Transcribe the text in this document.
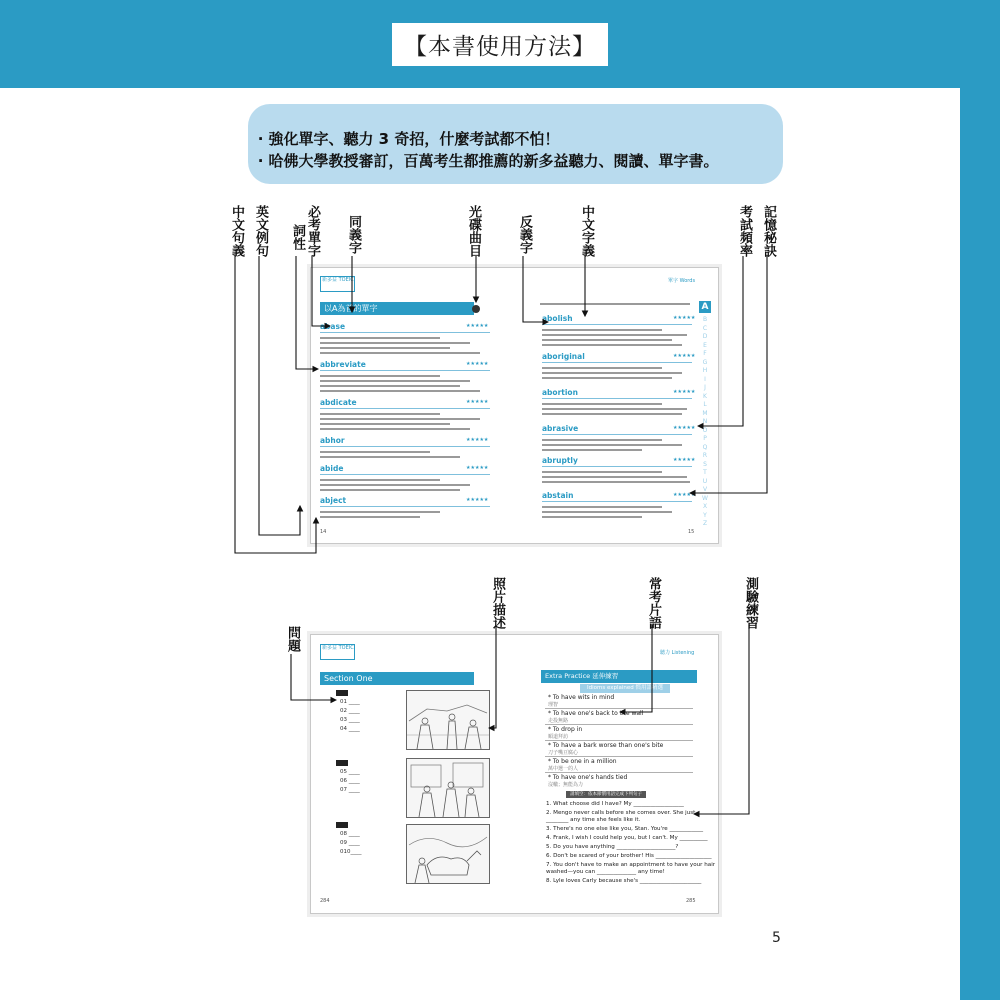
【本書使用方法】
‧ 強化單字、聽力 3 奇招，什麼考試都不怕！
‧ 哈佛大學教授審訂，百萬考生都推薦的新多益聽力、閱讀、單字書。
中文句義 英文例句 詞性 必考單字 同義字	光碟曲目	反義字	中文字義	考試頻率 記憶秘訣
新多益 TOEIC
以A為首的單字
單字 Words
abase	★★★★★
abbreviate	★★★★★
abdicate	★★★★★
abhor	★★★★★
abide	★★★★★
abject	★★★★★
abolish	★★★★★
aboriginal	★★★★★
abortion	★★★★★
abrasive	★★★★★
abruptly	★★★★★
abstain	★★★★★
A
B
C
D
E
F
G
H
I
J
K
L
M
N
O
P
Q
R
S
T
U
V
W
X
Y
Z
14	15
問題
照片描述	常考片語	測驗練習
新多益 TOEIC
Section One
聽力 Listening
01 ____
02 ____
03 ____
04 ____
05 ____
06 ____
07 ____
08 ____
09 ____
010____
Extra Practice 延伸練習
Idioms explained 慣用語精選
* To have wits in mind
理智
* To have one's back to the wall
走投無路
* To drop in
順道拜訪
* To have a bark worse than one's bite
刀子嘴豆腐心
* To be one in a million
萬中選一的人
* To have one's hands tied
沒轍；無能為力
請填空：依本節慣用語完成下列句子
1. What choose did I have? My __________________
2. Mengo never calls before she comes over. She just
________ any time she feels like it.
3. There's no one else like you, Stan. You're ____________
4. Frank, I wish I could help you, but I can't. My __________
5. Do you have anything _____________________?
6. Don't be scared of your brother! His ____________________
7. You don't have to make an appointment to have your hair
washed—you can ______________ any time!
8. Lyle loves Carly because she's ______________________
284	285
5
